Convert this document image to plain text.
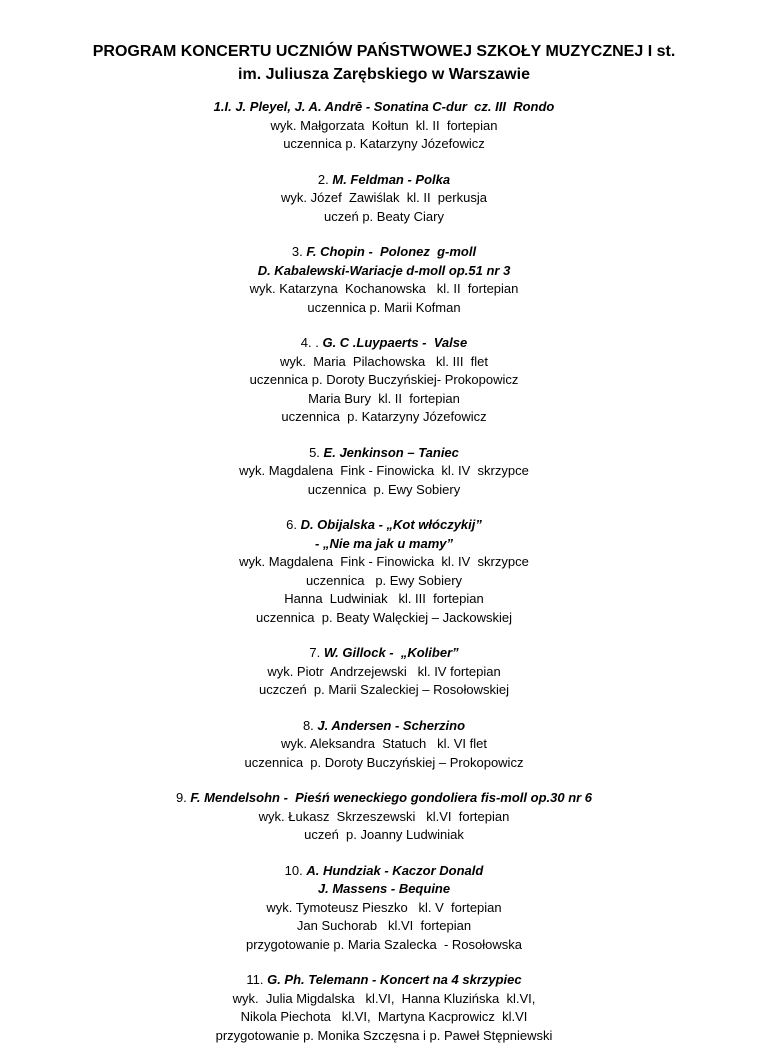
PROGRAM KONCERTU UCZNIÓW PAŃSTWOWEJ SZKOŁY MUZYCZNEJ I st.
im. Juliusza Zarębskiego w Warszawie
1.I. J. Pleyel, J. A. Andrē - Sonatina C-dur  cz. III  Rondo
wyk. Małgorzata  Kołtun  kl. II  fortepian
uczennica p. Katarzyny Józefowicz
2. M. Feldman - Polka
wyk. Józef  Zawiślak  kl. II  perkusja
uczeń p. Beaty Ciary
3. F. Chopin -  Polonez  g-moll
D. Kabalewski-Wariacje d-moll op.51 nr 3
wyk. Katarzyna  Kochanowska   kl. II  fortepian
uczennica p. Marii Kofman
4. . G. C .Luypaerts -  Valse
wyk.  Maria  Pilachowska   kl. III  flet
uczennica p. Doroty Buczyńskiej- Prokopowicz
Maria Bury  kl. II  fortepian
uczennica  p. Katarzyny Józefowicz
5. E. Jenkinson – Taniec
wyk. Magdalena  Fink - Finowicka  kl. IV  skrzypce
uczennica  p. Ewy Sobiery
6. D. Obijalska - „Kot włóczykij”
- „Nie ma jak u mamy”
wyk. Magdalena  Fink - Finowicka  kl. IV  skrzypce
uczennica   p. Ewy Sobiery
Hanna  Ludwiniak   kl. III  fortepian
uczennica  p. Beaty Walęckiej – Jackowskiej
7. W. Gillock -  „Koliber”
wyk. Piotr  Andrzejewski   kl. IV fortepian
uczczeń  p. Marii Szaleckiej – Rosołowskiej
8. J. Andersen - Scherzino
wyk. Aleksandra  Statuch   kl. VI flet
uczennica  p. Doroty Buczyńskiej – Prokopowicz
9. F. Mendelsohn -  Pieśń weneckiego gondoliera fis-moll op.30 nr 6
wyk. Łukasz  Skrzeszewski   kl.VI  fortepian
uczeń  p. Joanny Ludwiniak
10. A. Hundziak - Kaczor Donald
J. Massens - Bequine
wyk. Tymoteusz Pieszko   kl. V  fortepian
Jan Suchorab   kl.VI  fortepian
przygotowanie p. Maria Szalecka  - Rosołowska
11. G. Ph. Telemann - Koncert na 4 skrzypiec
wyk.  Julia Migdalska   kl.VI,  Hanna Kluzińska  kl.VI,
Nikola Piechota   kl.VI,  Martyna Kacprowicz  kl.VI
przygotowanie p. Monika Szczęsna i p. Paweł Stępniewski
